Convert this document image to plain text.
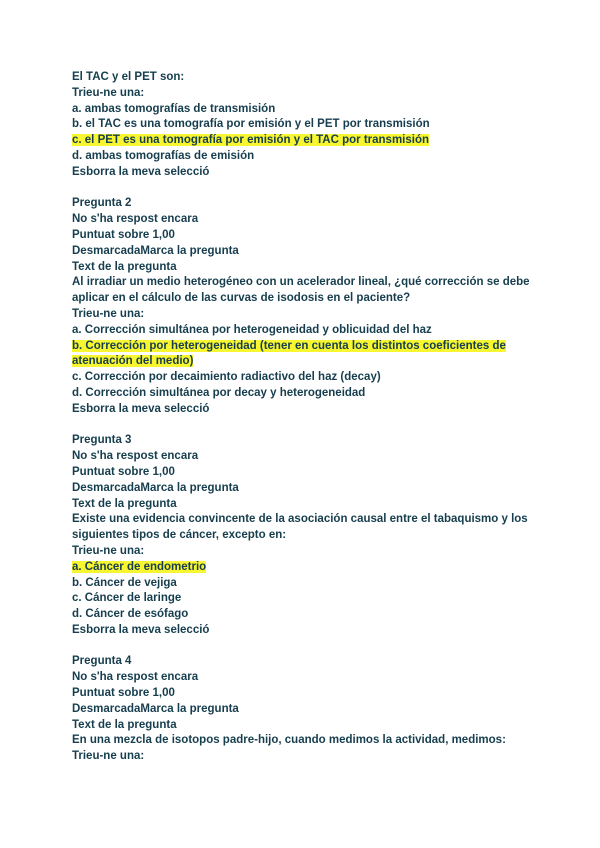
El TAC y el PET son:
Trieu-ne una:
a. ambas tomografías de transmisión
b. el TAC es una tomografía por emisión y el PET por transmisión
c. el PET es una tomografía por emisión y el TAC por transmisión
d. ambas tomografías de emisión
Esborra la meva selecció
Pregunta 2
No s'ha respost encara
Puntuat sobre 1,00
DesmarcadaMarca la pregunta
Text de la pregunta
Al irradiar un medio heterogéneo con un acelerador lineal, ¿qué corrección se debe aplicar en el cálculo de las curvas de isodosis en el paciente?
Trieu-ne una:
a. Corrección simultánea por heterogeneidad y oblicuidad del haz
b. Corrección por heterogeneidad (tener en cuenta los distintos coeficientes de atenuación del medio)
c. Corrección por decaimiento radiactivo del haz (decay)
d. Corrección simultánea por decay y heterogeneidad
Esborra la meva selecció
Pregunta 3
No s'ha respost encara
Puntuat sobre 1,00
DesmarcadaMarca la pregunta
Text de la pregunta
Existe una evidencia convincente de la asociación causal entre el tabaquismo y los siguientes tipos de cáncer, excepto en:
Trieu-ne una:
a. Cáncer de endometrio
b. Cáncer de vejiga
c. Cáncer de laringe
d. Cáncer de esófago
Esborra la meva selecció
Pregunta 4
No s'ha respost encara
Puntuat sobre 1,00
DesmarcadaMarca la pregunta
Text de la pregunta
En una mezcla de isotopos padre-hijo, cuando medimos la actividad, medimos:
Trieu-ne una:
